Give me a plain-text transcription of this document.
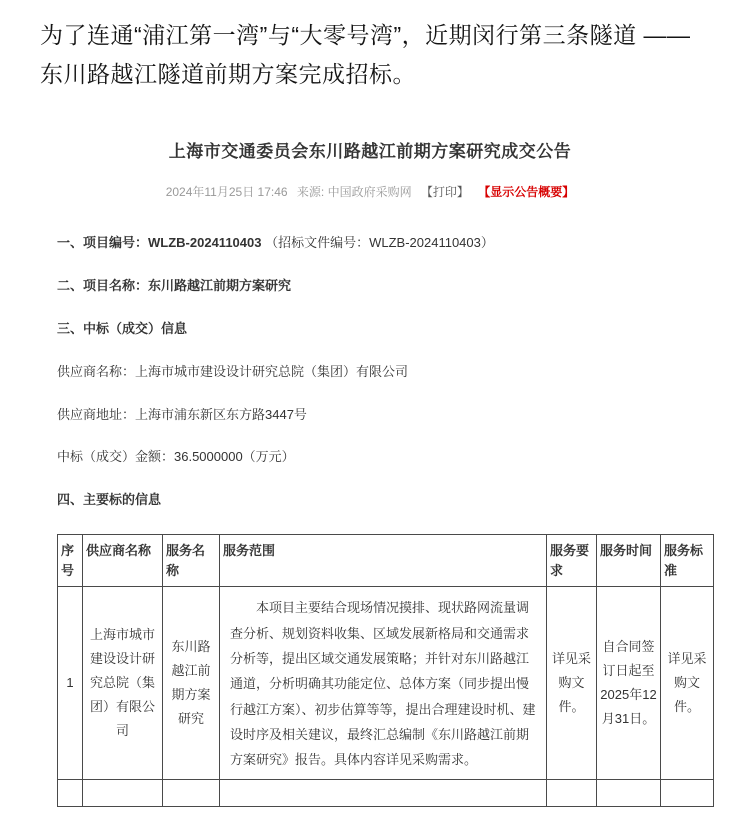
为了连通“浦江第一湾”与“大零号湾”，近期闵行第三条隧道 —— 东川路越江隧道前期方案完成招标。

上海市交通委员会东川路越江前期方案研究成交公告
2024年11月25日 17:46 来源: 中国政府采购网 【打印】 【显示公告概要】

一、项目编号：WLZB-2024110403 （招标文件编号：WLZB-2024110403）

二、项目名称：东川路越江前期方案研究

三、中标（成交）信息

供应商名称：上海市城市建设设计研究总院（集团）有限公司

供应商地址：上海市浦东新区东方路3447号

中标（成交）金额：36.5000000（万元）

四、主要标的信息

序号	供应商名称	服务名称	服务范围	服务要求	服务时间	服务标准
1	上海市城市建设设计研究总院（集团）有限公司	东川路越江前期方案研究	本项目主要结合现场情况摸排、现状路网流量调查分析、规划资料收集、区域发展新格局和交通需求分析等，提出区域交通发展策略；并针对东川路越江通道，分析明确其功能定位、总体方案（同步提出慢行越江方案）、初步估算等等，提出合理建设时机、建设时序及相关建议，最终汇总编制《东川路越江前期方案研究》报告。具体内容详见采购需求。	详见采购文件。	自合同签订日起至2025年12月31日。	详见采购文件。
